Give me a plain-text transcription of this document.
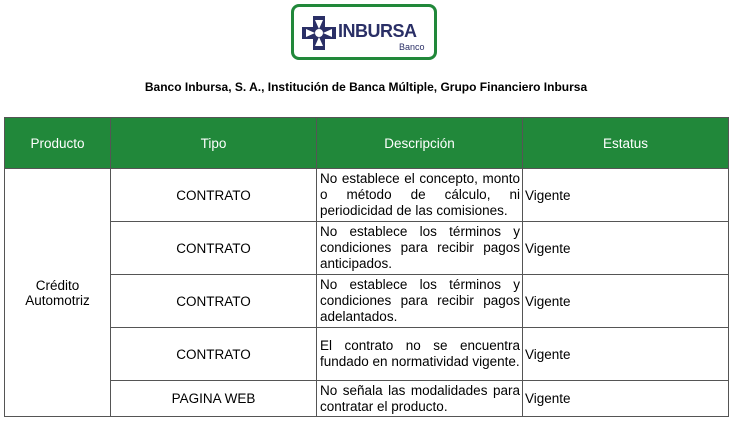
INBURSA
Banco
Banco Inbursa, S. A., Institución de Banca Múltiple, Grupo Financiero Inbursa
Producto	Tipo	Descripción	Estatus
Crédito Automotriz	CONTRATO	No establece el concepto, monto o método de cálculo, ni periodicidad de las comisiones.	Vigente
	CONTRATO	No establece los términos y condiciones para recibir pagos anticipados.	Vigente
	CONTRATO	No establece los términos y condiciones para recibir pagos adelantados.	Vigente
	CONTRATO	El contrato no se encuentra fundado en normatividad vigente.	Vigente
	PAGINA WEB	No señala las modalidades para contratar el producto.	Vigente
